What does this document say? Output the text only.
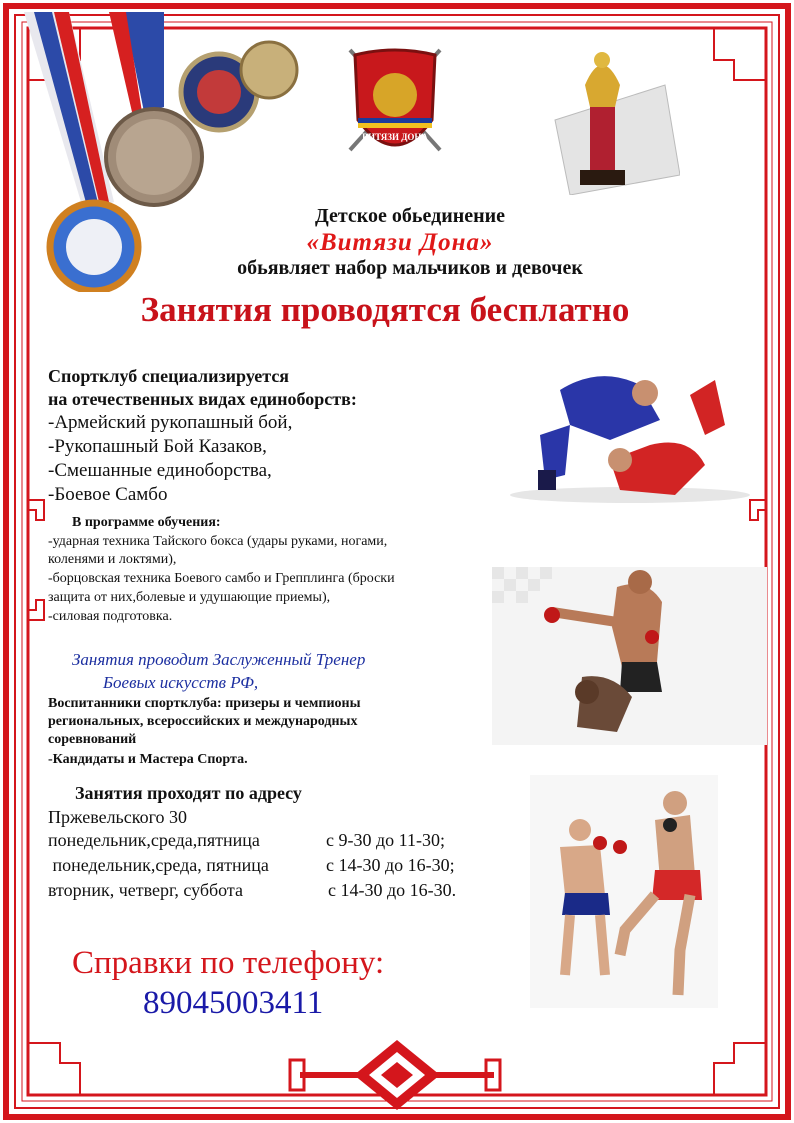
ВИТЯЗИ ДОНА
Детское обьединение
«Витязи Дона»
обьявляет набор мальчиков и девочек
Занятия проводятся бесплатно
Спортклуб специализируется
на отечественных видах единоборств:
-Армейский рукопашный бой,
-Рукопашный Бой Казаков,
-Смешанные единоборства,
-Боевое Самбо
В программе обучения:
-ударная техника Тайского бокса (удары руками, ногами,
коленями и локтями),
-борцовская техника Боевого самбо и Грепплинга (броски
защита от них,болевые и удушающие приемы),
-силовая подготовка.
Занятия проводит Заслуженный Тренер
Боевых искусств РФ,
Воспитанники спортклуба: призеры и чемпионы
региональных, всероссийских и международных
соревнований
-Кандидаты и Мастера Спорта.
Занятия проходят по адресу
Пржевельского 30
понедельник,среда,пятница	с 9-30 до 11-30;
понедельник,среда, пятница	с 14-30 до 16-30;
вторник, четверг, суббота	с 14-30 до 16-30.
Справки по телефону:
89045003411
